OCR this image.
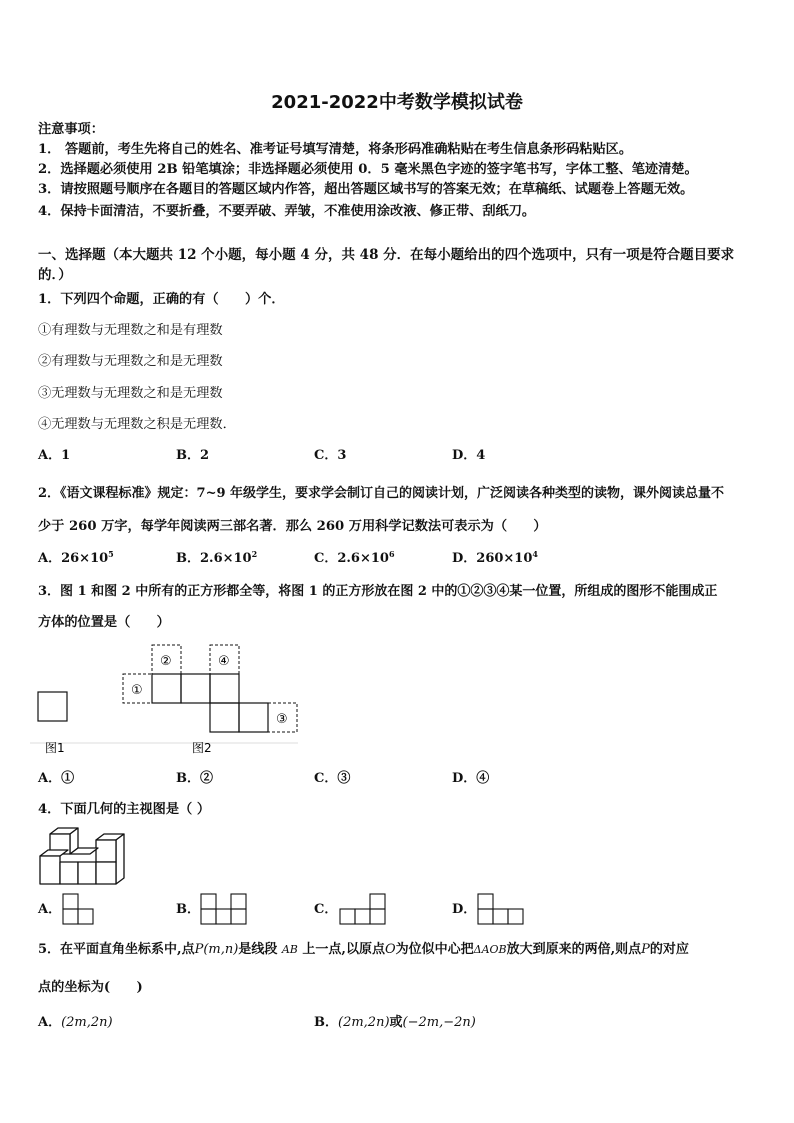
2021-2022中考数学模拟试卷
注意事项：
1． 答题前，考生先将自己的姓名、准考证号填写清楚，将条形码准确粘贴在考生信息条形码粘贴区。
2．选择题必须使用 2B 铅笔填涂；非选择题必须使用 0．5 毫米黑色字迹的签字笔书写，字体工整、笔迹清楚。
3．请按照题号顺序在各题目的答题区域内作答，超出答题区域书写的答案无效；在草稿纸、试题卷上答题无效。
4．保持卡面清洁，不要折叠，不要弄破、弄皱，不准使用涂改液、修正带、刮纸刀。
一、选择题（本大题共 12 个小题，每小题 4 分，共 48 分．在每小题给出的四个选项中，只有一项是符合题目要求
的．）
1．下列四个命题，正确的有（　　）个．
①有理数与无理数之和是有理数
②有理数与无理数之和是无理数
③无理数与无理数之和是无理数
④无理数与无理数之积是无理数．
A．1	B．2	C．3	D．4
2．《语文课程标准》规定：7~9 年级学生，要求学会制订自己的阅读计划，广泛阅读各种类型的读物，课外阅读总量不
少于 260 万字，每学年阅读两三部名著．那么 260 万用科学记数法可表示为（　　）
A．$26\times 10^5$	B．$2.6\times 10^2$	C．$2.6\times 10^6$	D．$260\times 10^4$
3．图 1 和图 2 中所有的正方形都全等，将图 1 的正方形放在图 2 中的①②③④某一位置，所组成的图形不能围成正
方体的位置是（　　）
图1
①
②
③
④
图2
A．①	B．②	C．③	D．④
4．下面几何的主视图是（ ）
A．	B．	C．	D．
5．在平面直角坐标系中,点P(m,n)是线段 AB 上一点,以原点O为位似中心把ΔAOB放大到原来的两倍,则点P的对应
点的坐标为(　　)
A．(2m,2n)	B．(2m,2n)或(−2m,−2n)
